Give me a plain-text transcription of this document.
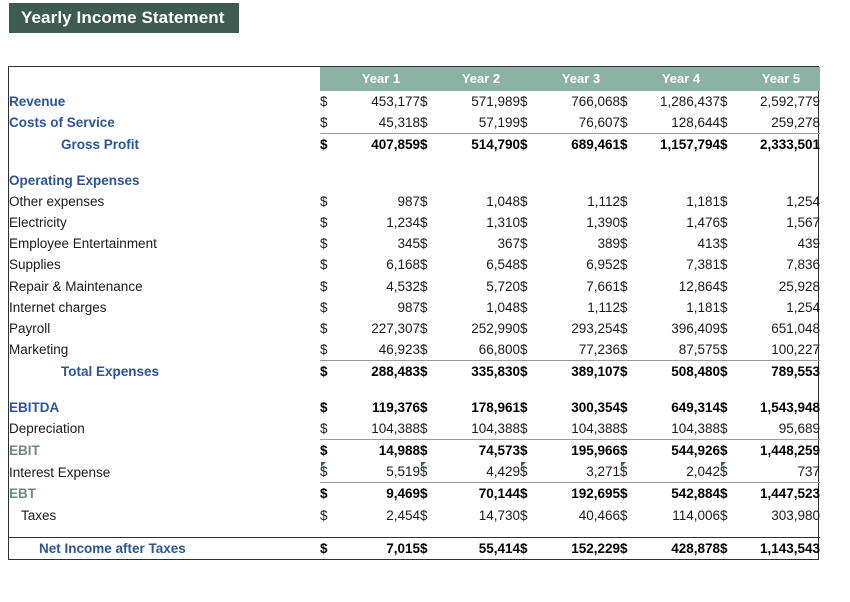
Yearly Income Statement
		Year 1		Year 2		Year 3		Year 4		Year 5
Revenue	$	453,177	$	571,989	$	766,068	$	1,286,437	$	2,592,779
Costs of Service	$	45,318	$	57,199	$	76,607	$	128,644	$	259,278
Gross Profit	$	407,859	$	514,790	$	689,461	$	1,157,794	$	2,333,501

Operating Expenses										
Other expenses	$	987	$	1,048	$	1,112	$	1,181	$	1,254
Electricity	$	1,234	$	1,310	$	1,390	$	1,476	$	1,567
Employee Entertainment	$	345	$	367	$	389	$	413	$	439
Supplies	$	6,168	$	6,548	$	6,952	$	7,381	$	7,836
Repair & Maintenance	$	4,532	$	5,720	$	7,661	$	12,864	$	25,928
Internet charges	$	987	$	1,048	$	1,112	$	1,181	$	1,254
Payroll	$	227,307	$	252,990	$	293,254	$	396,409	$	651,048
Marketing	$	46,923	$	66,800	$	77,236	$	87,575	$	100,227
Total Expenses	$	288,483	$	335,830	$	389,107	$	508,480	$	789,553

EBITDA	$	119,376	$	178,961	$	300,354	$	649,314	$	1,543,948
Depreciation	$	104,388	$	104,388	$	104,388	$	104,388	$	95,689
EBIT	$	14,988	$	74,573	$	195,966	$	544,926	$	1,448,259
Interest Expense	$	5,519	$	4,429	$	3,271	$	2,042	$	737
EBT	$	9,469	$	70,144	$	192,695	$	542,884	$	1,447,523
Taxes	$	2,454	$	14,730	$	40,466	$	114,006	$	303,980

Net Income after Taxes	$	7,015	$	55,414	$	152,229	$	428,878	$	1,143,543
